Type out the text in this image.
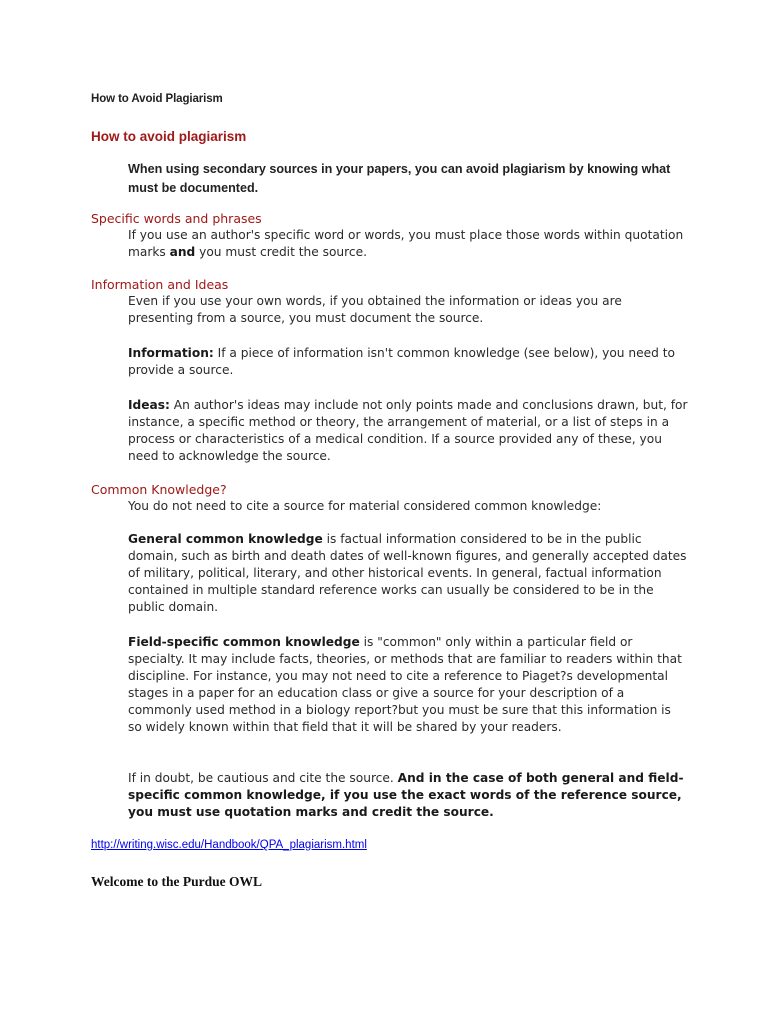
How to Avoid Plagiarism
How to avoid plagiarism
When using secondary sources in your papers, you can avoid plagiarism by knowing what must be documented.
Specific words and phrases
If you use an author's specific word or words, you must place those words within quotation marks and you must credit the source.
Information and Ideas
Even if you use your own words, if you obtained the information or ideas you are presenting from a source, you must document the source.
Information: If a piece of information isn't common knowledge (see below), you need to provide a source.
Ideas: An author's ideas may include not only points made and conclusions drawn, but, for instance, a specific method or theory, the arrangement of material, or a list of steps in a process or characteristics of a medical condition. If a source provided any of these, you need to acknowledge the source.
Common Knowledge?
You do not need to cite a source for material considered common knowledge:
General common knowledge is factual information considered to be in the public domain, such as birth and death dates of well-known figures, and generally accepted dates of military, political, literary, and other historical events. In general, factual information contained in multiple standard reference works can usually be considered to be in the public domain.
Field-specific common knowledge is "common" only within a particular field or specialty. It may include facts, theories, or methods that are familiar to readers within that discipline. For instance, you may not need to cite a reference to Piaget?s developmental stages in a paper for an education class or give a source for your description of a commonly used method in a biology report?but you must be sure that this information is so widely known within that field that it will be shared by your readers.
If in doubt, be cautious and cite the source. And in the case of both general and field-specific common knowledge, if you use the exact words of the reference source, you must use quotation marks and credit the source.
http://writing.wisc.edu/Handbook/QPA_plagiarism.html
Welcome to the Purdue OWL
